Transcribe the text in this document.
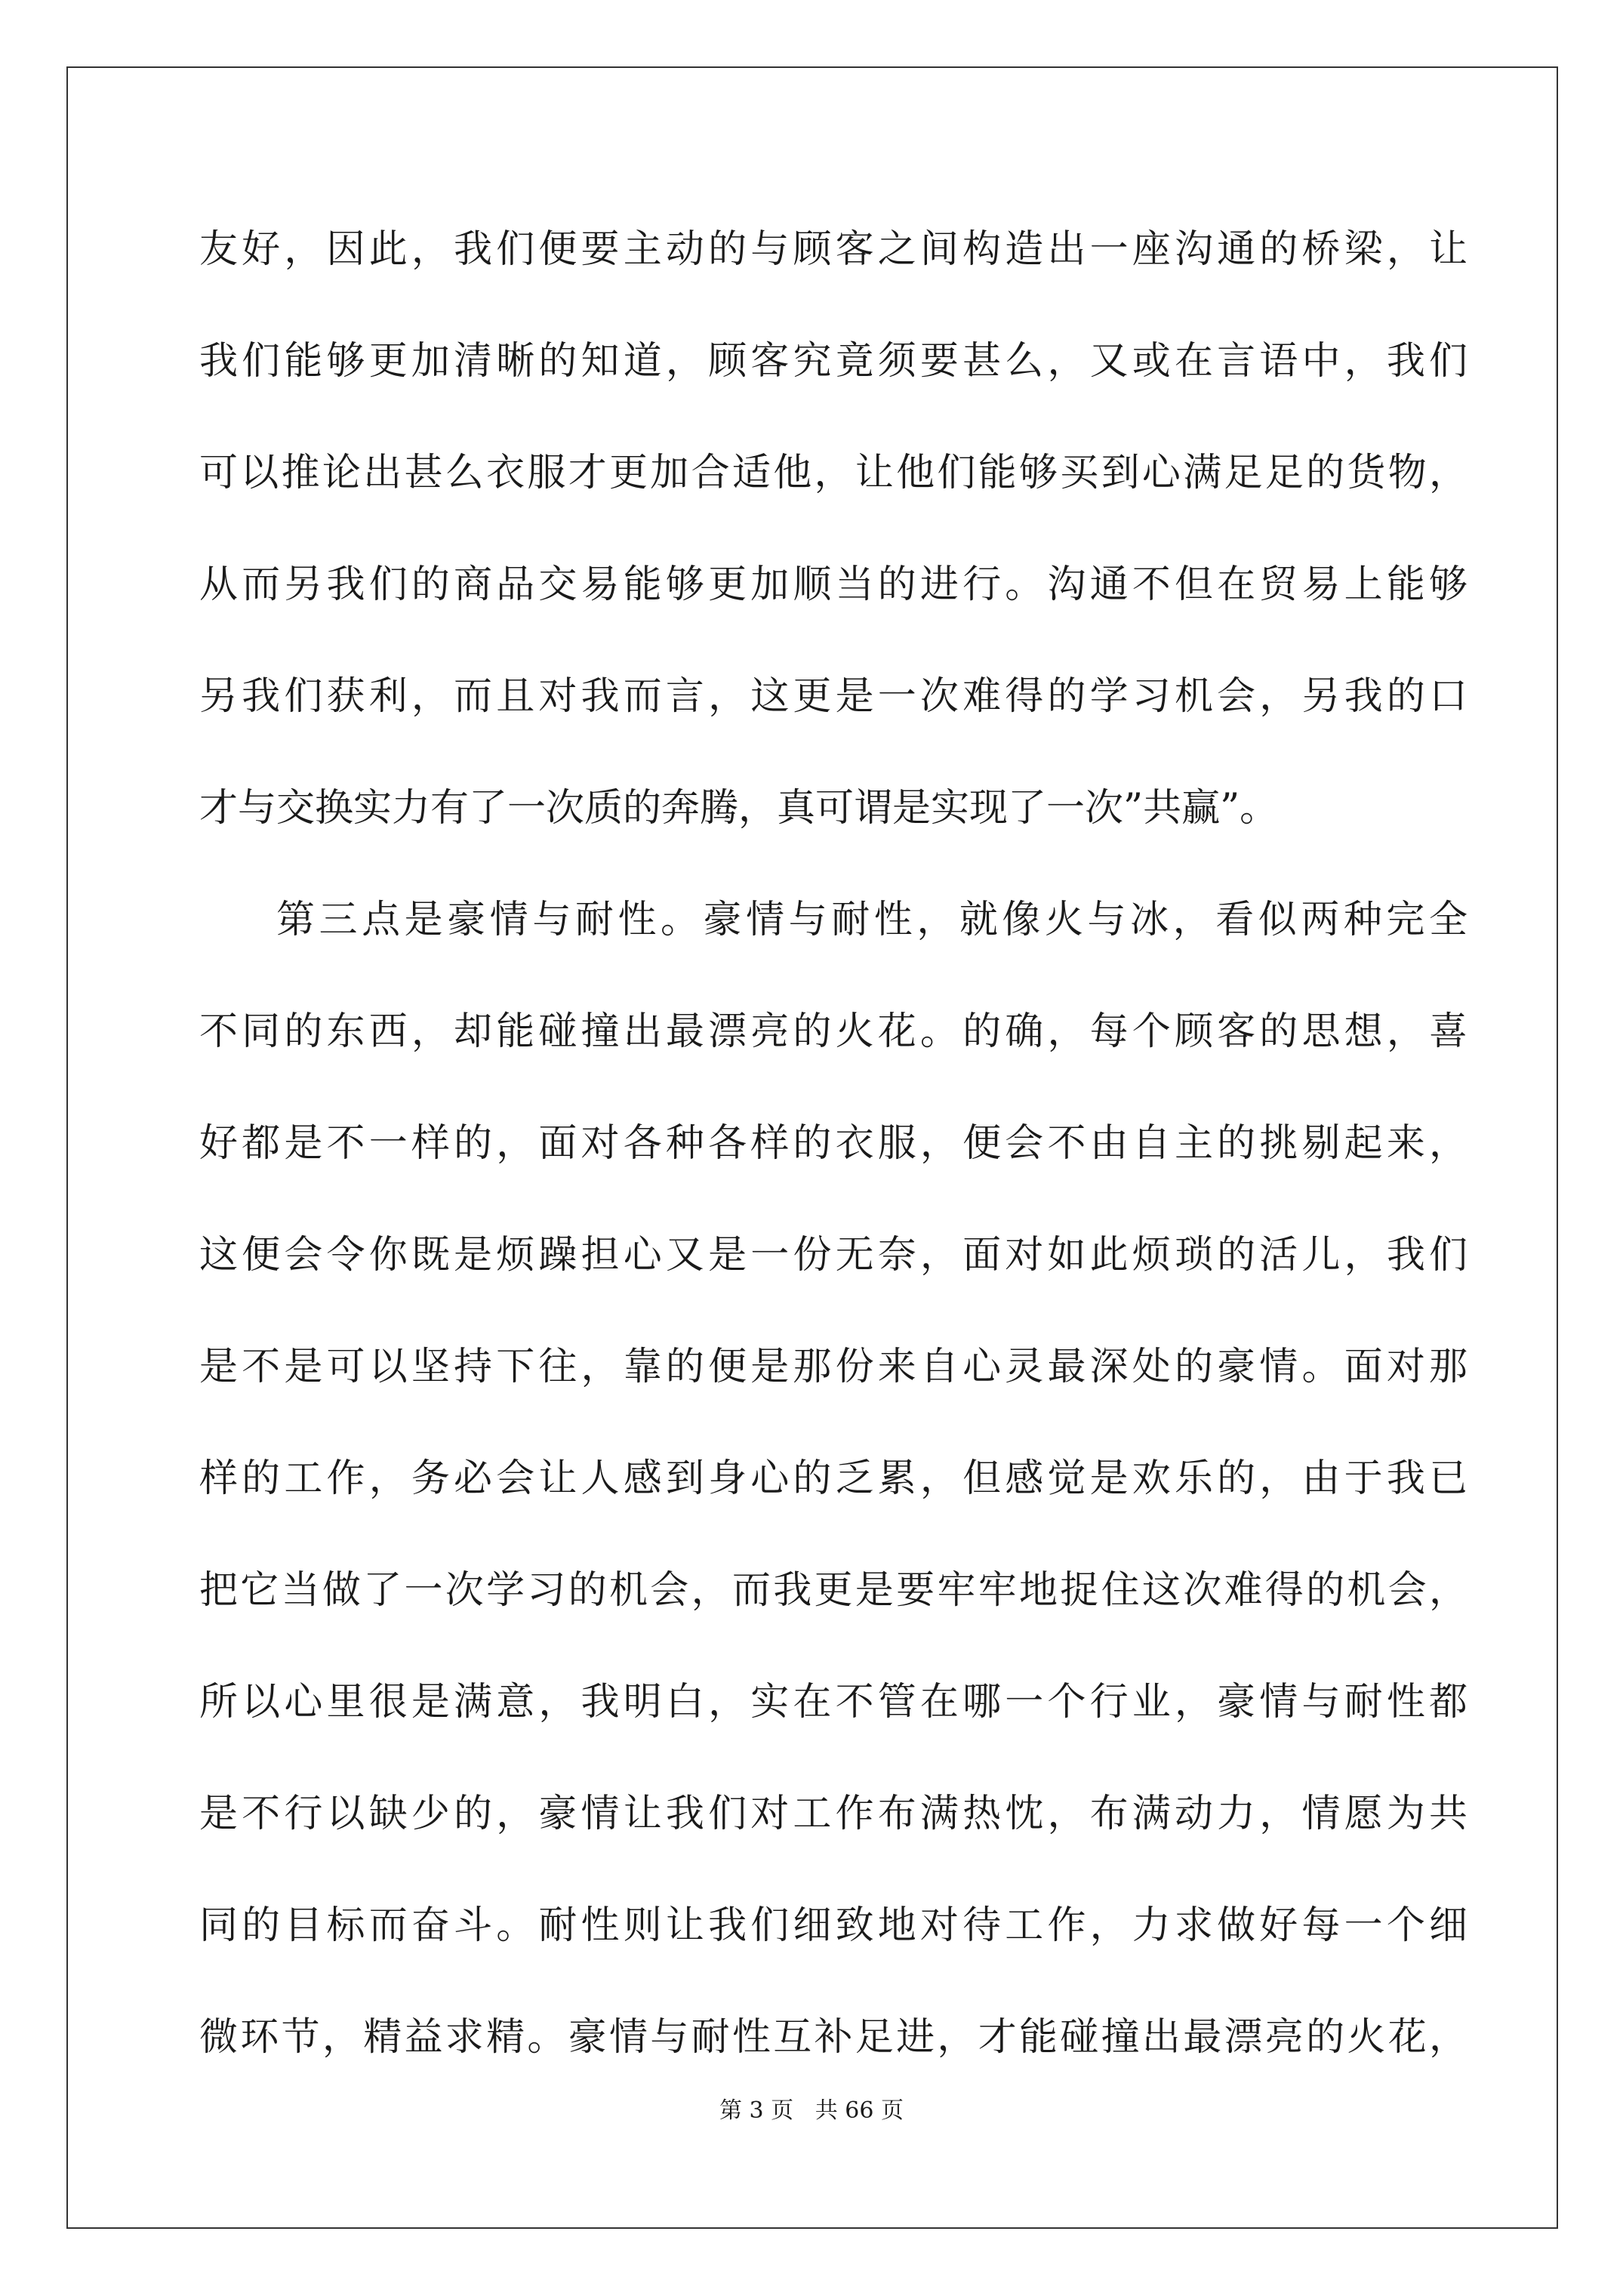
友好，因此，我们便要主动的与顾客之间构造出一座沟通的桥梁，让
我们能够更加清晰的知道，顾客究竟须要甚么，又或在言语中，我们
可以推论出甚么衣服才更加合适他，让他们能够买到心满足足的货物，
从而另我们的商品交易能够更加顺当的进行。沟通不但在贸易上能够
另我们获利，而且对我而言，这更是一次难得的学习机会，另我的口
才与交换实力有了一次质的奔腾，真可谓是实现了一次”共赢”。
第三点是豪情与耐性。豪情与耐性，就像火与冰，看似两种完全
不同的东西，却能碰撞出最漂亮的火花。的确，每个顾客的思想，喜
好都是不一样的，面对各种各样的衣服，便会不由自主的挑剔起来，
这便会令你既是烦躁担心又是一份无奈，面对如此烦琐的活儿，我们
是不是可以坚持下往，靠的便是那份来自心灵最深处的豪情。面对那
样的工作，务必会让人感到身心的乏累，但感觉是欢乐的，由于我已
把它当做了一次学习的机会，而我更是要牢牢地捉住这次难得的机会，
所以心里很是满意，我明白，实在不管在哪一个行业，豪情与耐性都
是不行以缺少的，豪情让我们对工作布满热忱，布满动力，情愿为共
同的目标而奋斗。耐性则让我们细致地对待工作，力求做好每一个细
微环节，精益求精。豪情与耐性互补足进，才能碰撞出最漂亮的火花，
第 3 页 共 66 页
